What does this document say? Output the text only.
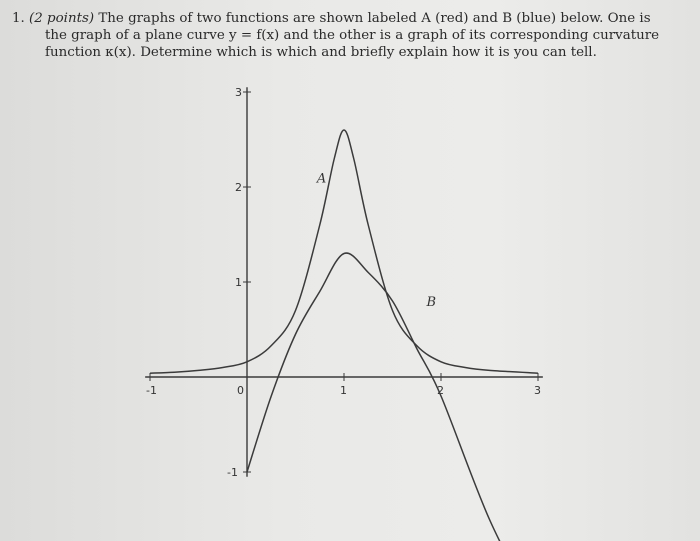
1. (2 points) The graphs of two functions are shown labeled A (red) and B (blue) below. One is
the graph of a plane curve y = f(x) and the other is a graph of its corresponding curvature
function κ(x). Determine which is which and briefly explain how it is you can tell.
-1	0	1	2	3
-1
1
2
3
A
B
